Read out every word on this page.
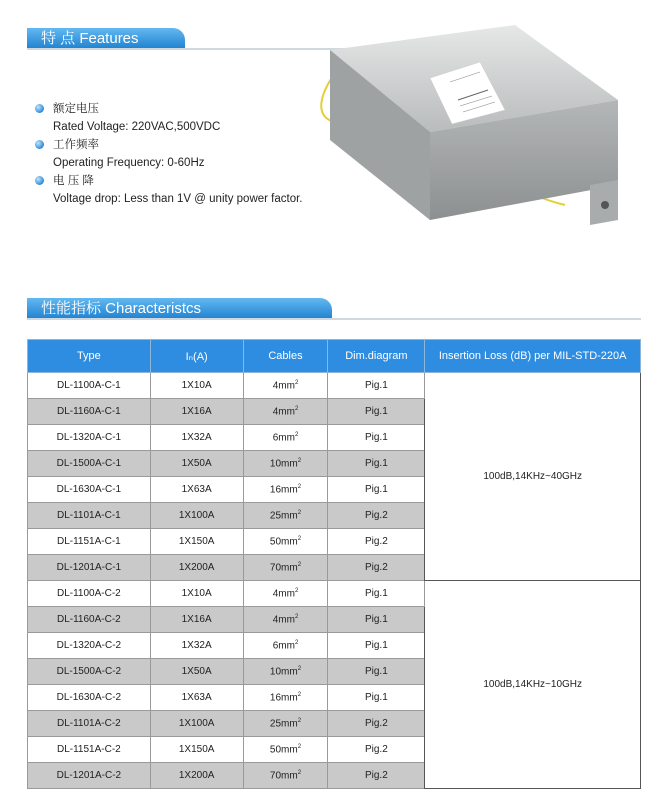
特 点 Features
额定电压
Rated Voltage: 220VAC,500VDC
工作频率
Operating Frequency: 0-60Hz
电 压 降
Voltage drop: Less than 1V @ unity power factor.
性能指标 Characteristcs
Type	Iₙ(A)	Cables	Dim.diagram	Insertion Loss (dB) per MIL-STD-220A
DL-1100A-C-1	1X10A	$4mm^2$	Pig.1	100dB,14KHz~40GHz
DL-1160A-C-1	1X16A	$4mm^2$	Pig.1	
DL-1320A-C-1	1X32A	$6mm^2$	Pig.1	
DL-1500A-C-1	1X50A	$10mm^2$	Pig.1	
DL-1630A-C-1	1X63A	$16mm^2$	Pig.1	
DL-1101A-C-1	1X100A	$25mm^2$	Pig.2	
DL-1151A-C-1	1X150A	$50mm^2$	Pig.2	
DL-1201A-C-1	1X200A	$70mm^2$	Pig.2	
DL-1100A-C-2	1X10A	$4mm^2$	Pig.1	100dB,14KHz~10GHz
DL-1160A-C-2	1X16A	$4mm^2$	Pig.1	
DL-1320A-C-2	1X32A	$6mm^2$	Pig.1	
DL-1500A-C-2	1X50A	$10mm^2$	Pig.1	
DL-1630A-C-2	1X63A	$16mm^2$	Pig.1	
DL-1101A-C-2	1X100A	$25mm^2$	Pig.2	
DL-1151A-C-2	1X150A	$50mm^2$	Pig.2	
DL-1201A-C-2	1X200A	$70mm^2$	Pig.2	
